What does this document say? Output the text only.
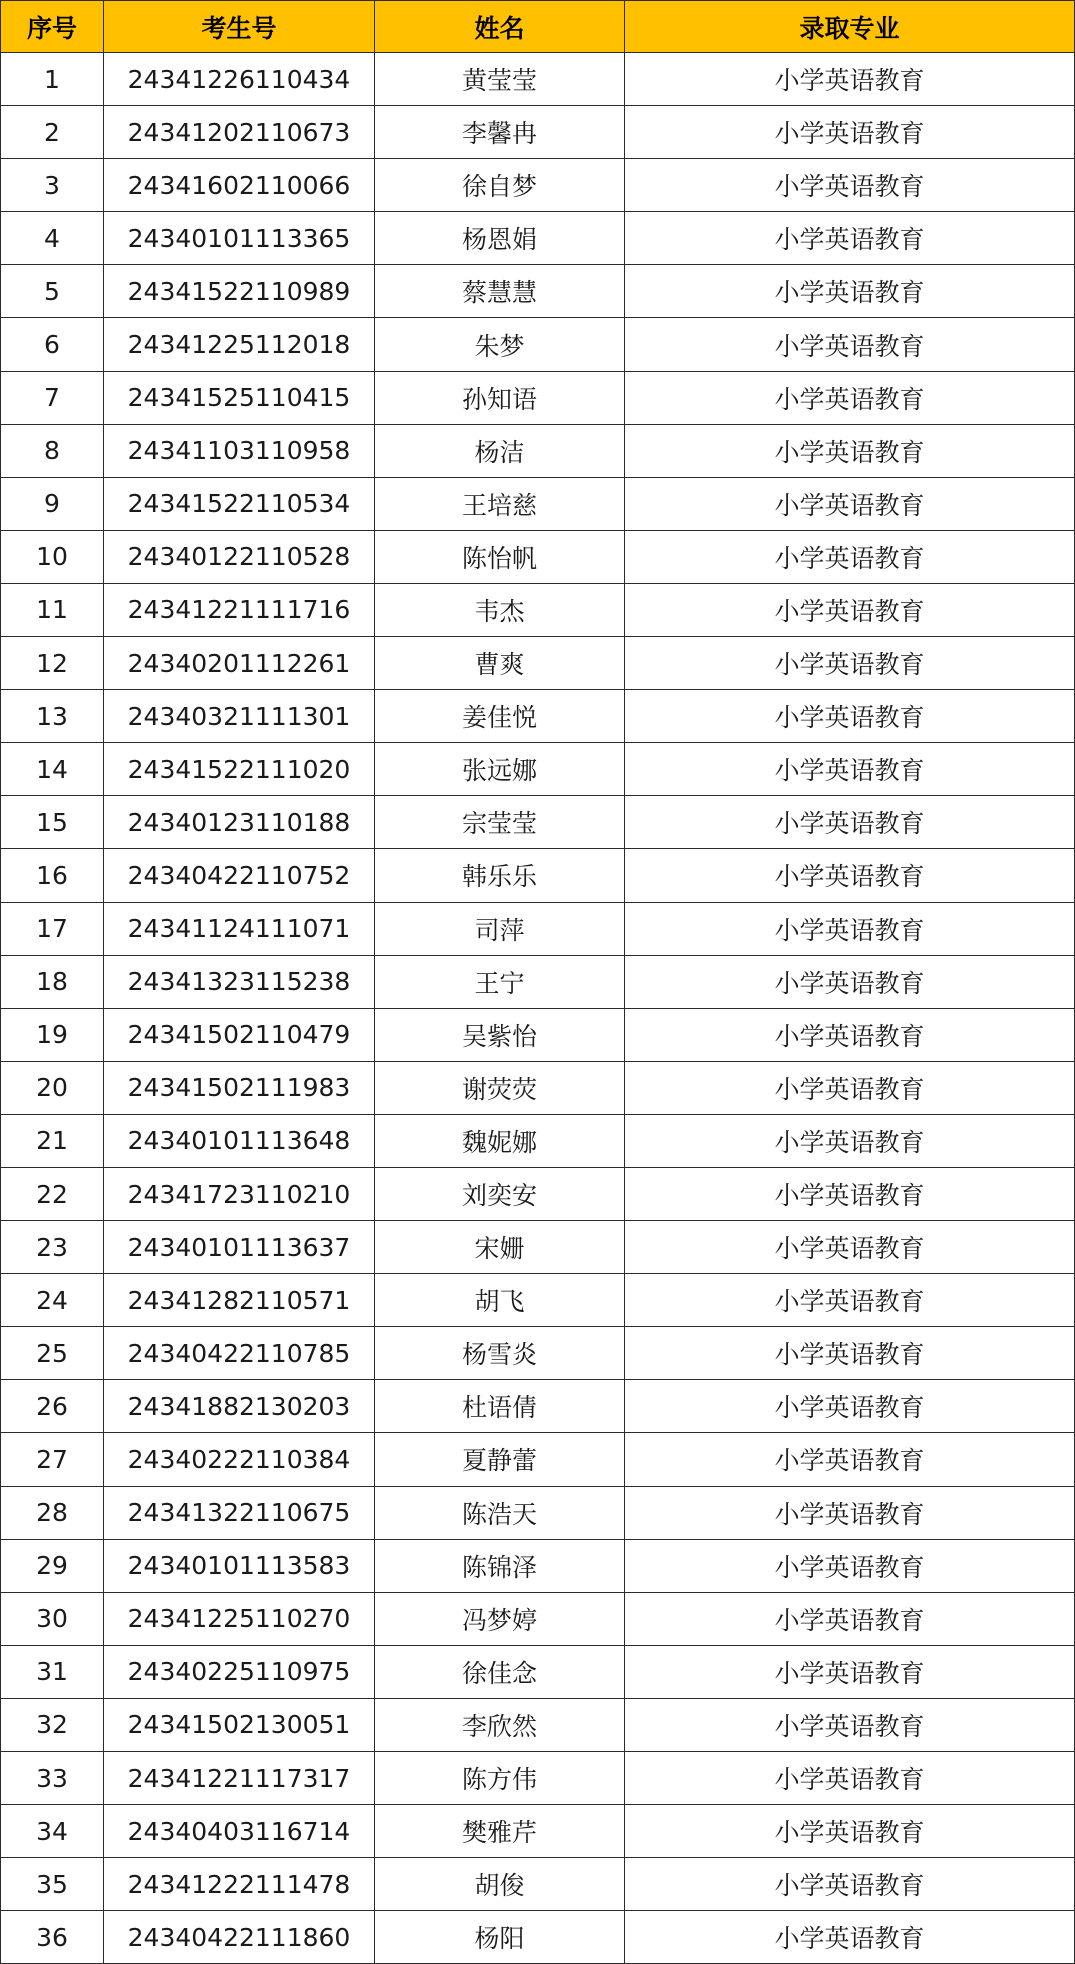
序号	考生号	姓名	录取专业
1	24341226110434	黄莹莹	小学英语教育
2	24341202110673	李馨冉	小学英语教育
3	24341602110066	徐自梦	小学英语教育
4	24340101113365	杨恩娟	小学英语教育
5	24341522110989	蔡慧慧	小学英语教育
6	24341225112018	朱梦	小学英语教育
7	24341525110415	孙知语	小学英语教育
8	24341103110958	杨洁	小学英语教育
9	24341522110534	王培慈	小学英语教育
10	24340122110528	陈怡帆	小学英语教育
11	24341221111716	韦杰	小学英语教育
12	24340201112261	曹爽	小学英语教育
13	24340321111301	姜佳悦	小学英语教育
14	24341522111020	张远娜	小学英语教育
15	24340123110188	宗莹莹	小学英语教育
16	24340422110752	韩乐乐	小学英语教育
17	24341124111071	司萍	小学英语教育
18	24341323115238	王宁	小学英语教育
19	24341502110479	吴紫怡	小学英语教育
20	24341502111983	谢荧荧	小学英语教育
21	24340101113648	魏妮娜	小学英语教育
22	24341723110210	刘奕安	小学英语教育
23	24340101113637	宋姗	小学英语教育
24	24341282110571	胡飞	小学英语教育
25	24340422110785	杨雪炎	小学英语教育
26	24341882130203	杜语倩	小学英语教育
27	24340222110384	夏静蕾	小学英语教育
28	24341322110675	陈浩天	小学英语教育
29	24340101113583	陈锦泽	小学英语教育
30	24341225110270	冯梦婷	小学英语教育
31	24340225110975	徐佳念	小学英语教育
32	24341502130051	李欣然	小学英语教育
33	24341221117317	陈方伟	小学英语教育
34	24340403116714	樊雅芹	小学英语教育
35	24341222111478	胡俊	小学英语教育
36	24340422111860	杨阳	小学英语教育
